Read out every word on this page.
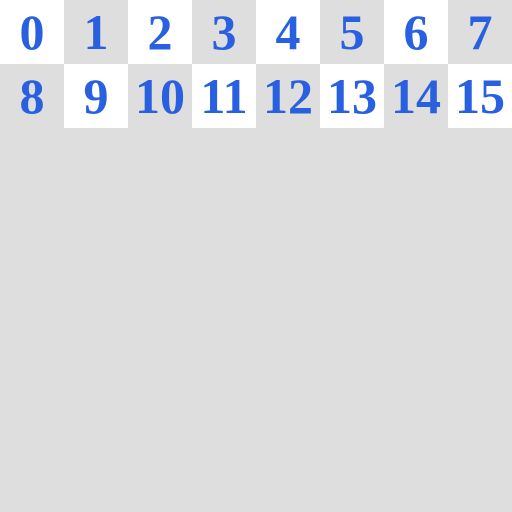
0 1 2 3 4 5 6 7
8 9 10 11 12 13 14 15
